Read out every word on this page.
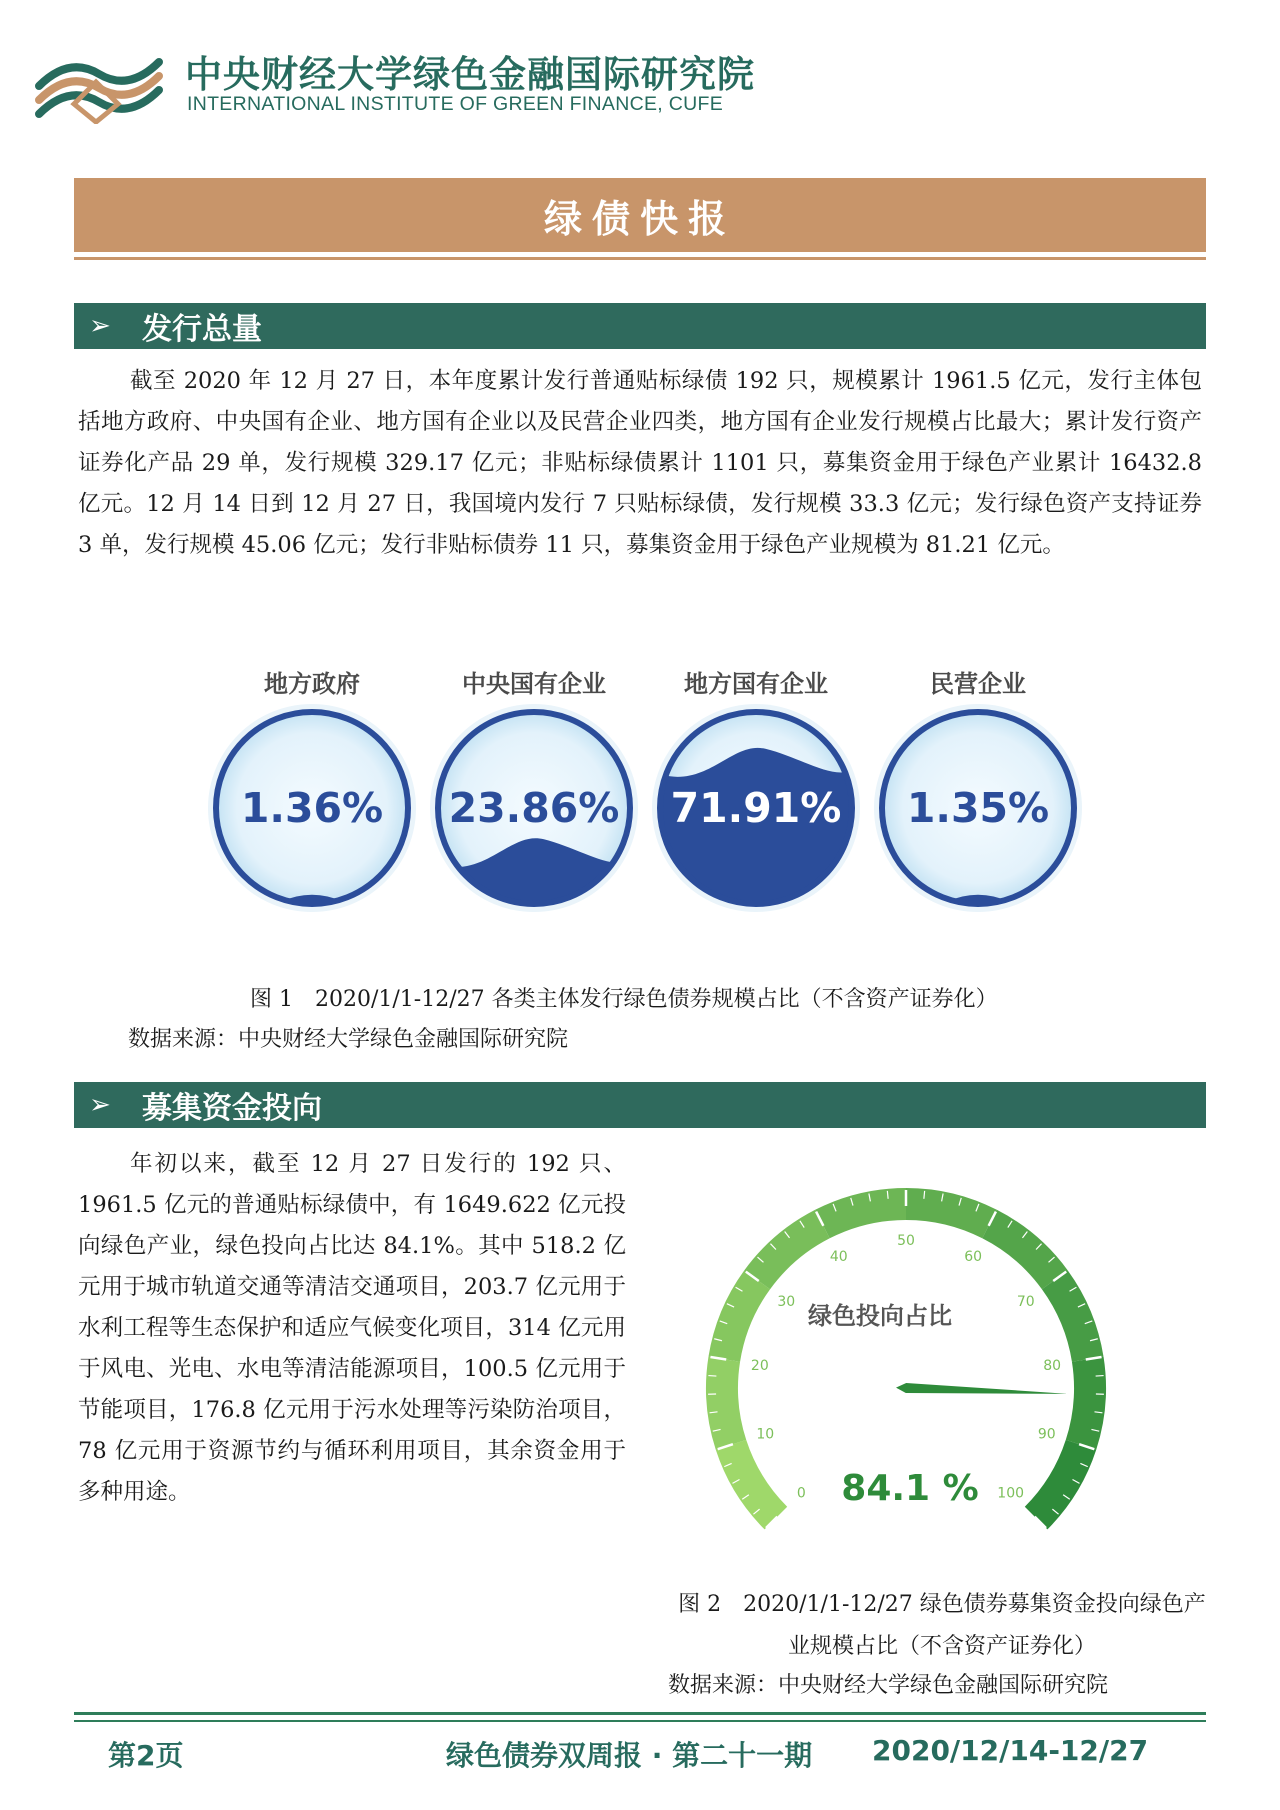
中央财经大学绿色金融国际研究院
INTERNATIONAL INSTITUTE OF GREEN FINANCE, CUFE
绿债快报
➢ 发行总量
截至 2020 年 12 月 27 日，本年度累计发行普通贴标绿债 192 只，规模累计 1961.5 亿元，发行主体包括地方政府、中央国有企业、地方国有企业以及民营企业四类，地方国有企业发行规模占比最大；累计发行资产证券化产品 29 单，发行规模 329.17 亿元；非贴标绿债累计 1101 只，募集资金用于绿色产业累计 16432.8 亿元。12 月 14 日到 12 月 27 日，我国境内发行 7 只贴标绿债，发行规模 33.3 亿元；发行绿色资产支持证券 3 单，发行规模 45.06 亿元；发行非贴标债券 11 只，募集资金用于绿色产业规模为 81.21 亿元。
地方政府
1.36%
中央国有企业
23.86%
地方国有企业
71.91%
民营企业
1.35%
图 1　2020/1/1-12/27 各类主体发行绿色债券规模占比（不含资产证券化）
数据来源：中央财经大学绿色金融国际研究院
➢ 募集资金投向
年初以来，截至 12 月 27 日发行的 192 只、1961.5 亿元的普通贴标绿债中，有 1649.622 亿元投向绿色产业，绿色投向占比达 84.1%。其中 518.2 亿元用于城市轨道交通等清洁交通项目，203.7 亿元用于水利工程等生态保护和适应气候变化项目，314 亿元用于风电、光电、水电等清洁能源项目，100.5 亿元用于节能项目，176.8 亿元用于污水处理等污染防治项目，78 亿元用于资源节约与循环利用项目，其余资金用于多种用途。	0
10
20
30
40
50
60
70
80
90
100
绿色投向占比
84.1 %
图 2　2020/1/1-12/27 绿色债券募集资金投向绿色产业规模占比（不含资产证券化）
数据来源：中央财经大学绿色金融国际研究院
第2页	绿色债券双周报 · 第二十一期 2020/12/14-12/27
